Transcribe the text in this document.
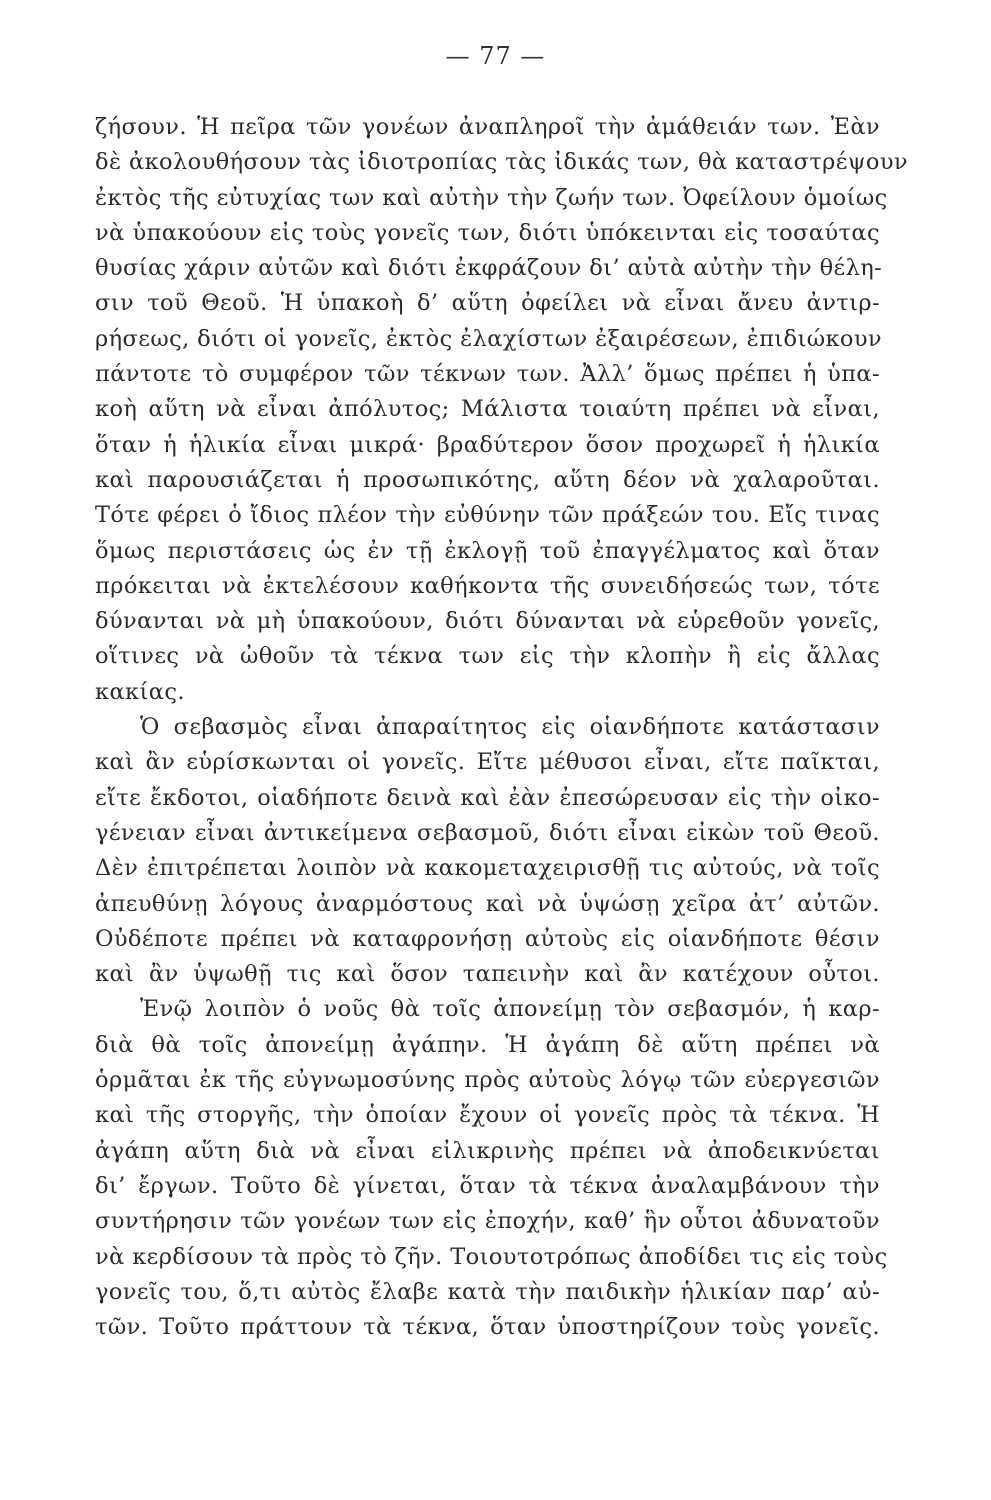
— 77 —
ζήσουν. Ἡ πεῖρα τῶν γονέων ἀναπληροῖ τὴν ἀμάθειάν των. Ἐὰν
δὲ ἀκολουθήσουν τὰς ἰδιοτροπίας τὰς ἰδικάς των, θὰ καταστρέψουν
ἐκτὸς τῆς εὐτυχίας των καὶ αὐτὴν τὴν ζωήν των. Ὀφείλουν ὁμοίως
νὰ ὑπακούουν εἰς τοὺς γονεῖς των, διότι ὑπόκεινται εἰς τοσαύτας
θυσίας χάριν αὐτῶν καὶ διότι ἐκφράζουν δι’ αὐτὰ αὐτὴν τὴν θέλη-
σιν τοῦ Θεοῦ. Ἡ ὑπακοὴ δ’ αὕτη ὀφείλει νὰ εἶναι ἄνευ ἀντιρ-
ρήσεως, διότι οἱ γονεῖς, ἐκτὸς ἐλαχίστων ἐξαιρέσεων, ἐπιδιώκουν
πάντοτε τὸ συμφέρον τῶν τέκνων των. Ἀλλ’ ὅμως πρέπει ἡ ὑπα-
κοὴ αὕτη νὰ εἶναι ἀπόλυτος; Μάλιστα τοιαύτη πρέπει νὰ εἶναι,
ὅταν ἡ ἡλικία εἶναι μικρά· βραδύτερον ὅσον προχωρεῖ ἡ ἡλικία
καὶ παρουσιάζεται ἡ προσωπικότης, αὕτη δέον νὰ χαλαροῦται.
Τότε φέρει ὁ ἴδιος πλέον τὴν εὐθύνην τῶν πράξεών του. Εἴς τινας
ὅμως περιστάσεις ὡς ἐν τῇ ἐκλογῇ τοῦ ἐπαγγέλματος καὶ ὅταν
πρόκειται νὰ ἐκτελέσουν καθήκοντα τῆς συνειδήσεώς των, τότε
δύνανται νὰ μὴ ὑπακούουν, διότι δύνανται νὰ εὑρεθοῦν γονεῖς,
οἵτινες νὰ ὠθοῦν τὰ τέκνα των εἰς τὴν κλοπὴν ἢ εἰς ἄλλας
κακίας.
Ὁ σεβασμὸς εἶναι ἀπαραίτητος εἰς οἱανδήποτε κατάστασιν
καὶ ἂν εὑρίσκωνται οἱ γονεῖς. Εἴτε μέθυσοι εἶναι, εἴτε παῖκται,
εἴτε ἔκδοτοι, οἱαδήποτε δεινὰ καὶ ἐὰν ἐπεσώρευσαν εἰς τὴν οἰκο-
γένειαν εἶναι ἀντικείμενα σεβασμοῦ, διότι εἶναι εἰκὼν τοῦ Θεοῦ.
Δὲν ἐπιτρέπεται λοιπὸν νὰ κακομεταχειρισθῇ τις αὐτούς, νὰ τοῖς
ἀπευθύνῃ λόγους ἀναρμόστους καὶ νὰ ὑψώσῃ χεῖρα ἀτ’ αὐτῶν.
Οὐδέποτε πρέπει νὰ καταφρονήσῃ αὐτοὺς εἰς οἱανδήποτε θέσιν
καὶ ἂν ὑψωθῇ τις καὶ ὅσον ταπεινὴν καὶ ἂν κατέχουν οὗτοι.
Ἐνῷ λοιπὸν ὁ νοῦς θὰ τοῖς ἀπονείμῃ τὸν σεβασμόν, ἡ καρ-
διὰ θὰ τοῖς ἀπονείμῃ ἀγάπην. Ἡ ἀγάπη δὲ αὕτη πρέπει νὰ
ὁρμᾶται ἐκ τῆς εὐγνωμοσύνης πρὸς αὐτοὺς λόγῳ τῶν εὐεργεσιῶν
καὶ τῆς στοργῆς, τὴν ὁποίαν ἔχουν οἱ γονεῖς πρὸς τὰ τέκνα. Ἡ
ἀγάπη αὕτη διὰ νὰ εἶναι εἰλικρινὴς πρέπει νὰ ἀποδεικνύεται
δι’ ἔργων. Τοῦτο δὲ γίνεται, ὅταν τὰ τέκνα ἀναλαμβάνουν τὴν
συντήρησιν τῶν γονέων των εἰς ἐποχήν, καθ’ ἣν οὗτοι ἀδυνατοῦν
νὰ κερδίσουν τὰ πρὸς τὸ ζῆν. Τοιουτοτρόπως ἀποδίδει τις εἰς τοὺς
γονεῖς του, ὅ,τι αὐτὸς ἔλαβε κατὰ τὴν παιδικὴν ἡλικίαν παρ’ αὐ-
τῶν. Τοῦτο πράττουν τὰ τέκνα, ὅταν ὑποστηρίζουν τοὺς γονεῖς.
